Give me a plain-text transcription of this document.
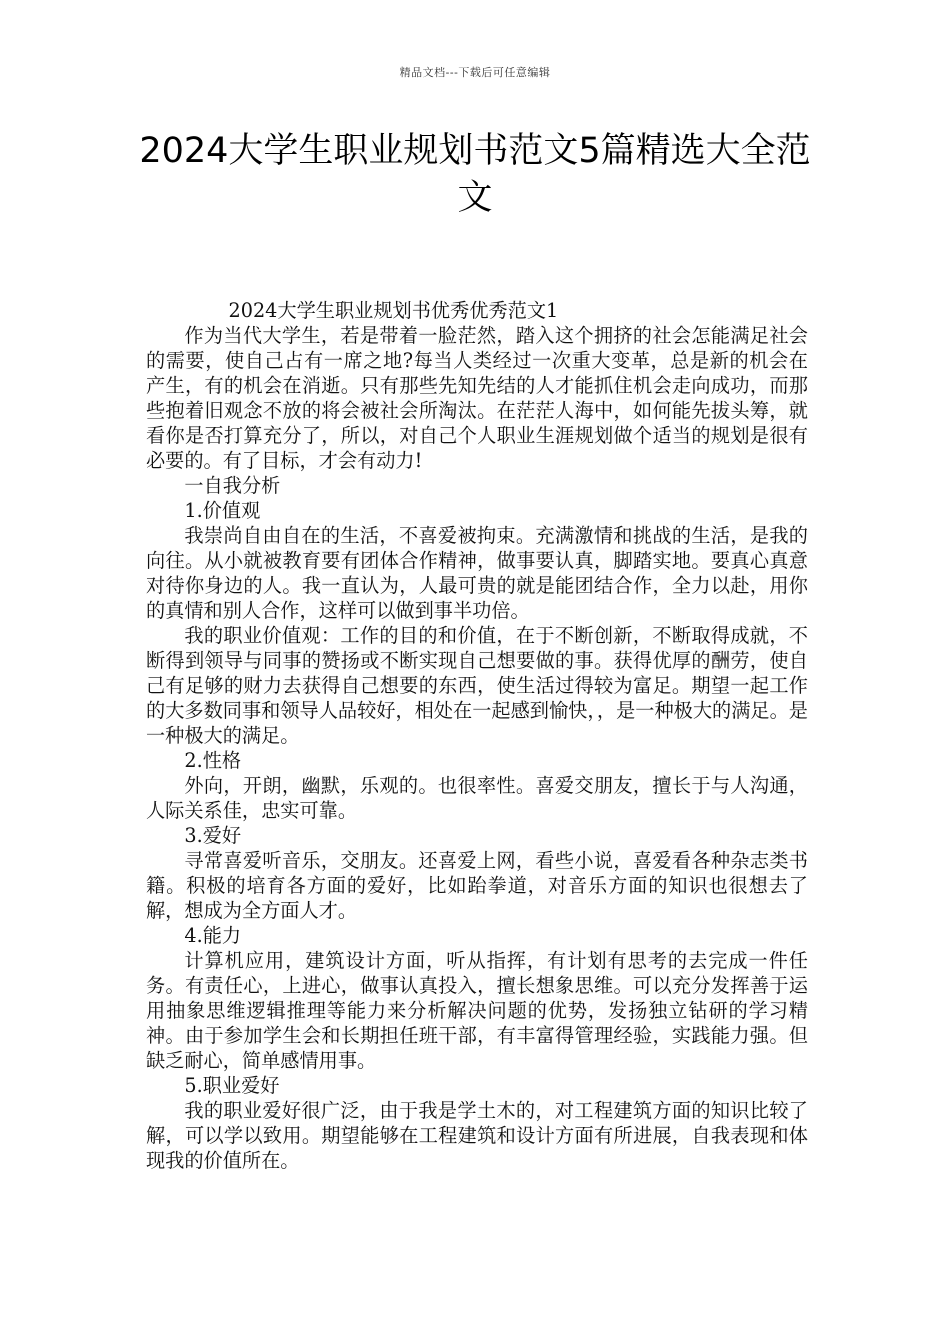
精品文档---下载后可任意编辑
2024大学生职业规划书范文5篇精选大全范文

2024大学生职业规划书优秀优秀范文1

作为当代大学生，若是带着一脸茫然，踏入这个拥挤的社会怎能满足社会的需要，使自己占有一席之地?每当人类经过一次重大变革，总是新的机会在产生，有的机会在消逝。只有那些先知先结的人才能抓住机会走向成功，而那些抱着旧观念不放的将会被社会所淘汰。在茫茫人海中，如何能先拔头筹，就看你是否打算充分了，所以，对自己个人职业生涯规划做个适当的规划是很有必要的。有了目标，才会有动力!

一自我分析

1.价值观

我崇尚自由自在的生活，不喜爱被拘束。充满激情和挑战的生活，是我的向往。从小就被教育要有团体合作精神，做事要认真，脚踏实地。要真心真意对待你身边的人。我一直认为，人最可贵的就是能团结合作，全力以赴，用你的真情和别人合作，这样可以做到事半功倍。

我的职业价值观：工作的目的和价值，在于不断创新，不断取得成就，不断得到领导与同事的赞扬或不断实现自己想要做的事。获得优厚的酬劳，使自己有足够的财力去获得自己想要的东西，使生活过得较为富足。期望一起工作的大多数同事和领导人品较好，相处在一起感到愉快，，是一种极大的满足。是一种极大的满足。

2.性格

外向，开朗，幽默，乐观的。也很率性。喜爱交朋友，擅长于与人沟通，人际关系佳，忠实可靠。

3.爱好

寻常喜爱听音乐，交朋友。还喜爱上网，看些小说，喜爱看各种杂志类书籍。积极的培育各方面的爱好，比如跆拳道，对音乐方面的知识也很想去了解，想成为全方面人才。

4.能力

计算机应用，建筑设计方面，听从指挥，有计划有思考的去完成一件任务。有责任心，上进心，做事认真投入，擅长想象思维。可以充分发挥善于运用抽象思维逻辑推理等能力来分析解决问题的优势，发扬独立钻研的学习精神。由于参加学生会和长期担任班干部，有丰富得管理经验，实践能力强。但缺乏耐心，简单感情用事。

5.职业爱好

我的职业爱好很广泛，由于我是学土木的，对工程建筑方面的知识比较了解，可以学以致用。期望能够在工程建筑和设计方面有所进展，自我表现和体现我的价值所在。
